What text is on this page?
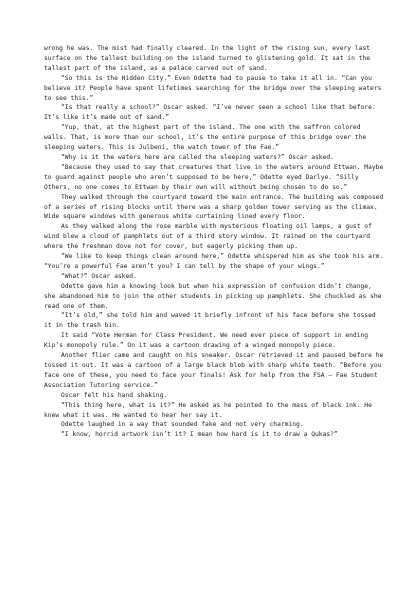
wrong he was. The mist had finally cleared. In the light of the rising sun, every last surface on the tallest building on the island turned to glistening gold. It sat in the tallest part of the island, as a palace carved out of sand.

“So this is the Hidden City.” Even Odette had to pause to take it all in. “Can you believe it? People have spent lifetimes searching for the bridge over the sleeping waters to see this.”

“Is that really a school?” Oscar asked. “I’ve never seen a school like that before. It’s like it’s made out of sand.”

“Yup, that, at the highest part of the island. The one with the saffron colored walls. That, is more than our school, it’s the entire purpose of this bridge over the sleeping waters. This is Julbeni, the watch tower of the Fae.”

“Why is it the waters here are called the sleeping waters?” Oscar asked.

“Because they used to say that creatures that live in the waters around Ettwan. Maybe to guard against people who aren’t supposed to be here,” Odette eyed Darlye. “Silly Others, no one comes to Ettwan by their own will without being chosen to do so.”

They walked through the courtyard toward the main entrance. The building was composed of a series of rising blocks until there was a sharp golden tower serving as the climax. Wide square windows with generous white curtaining lined every floor.

As they walked along the rose marble with mysterious floating oil lamps, a gust of wind blew a cloud of pamphlets out of a third story window. It rained on the courtyard where the freshman dove not for cover, but eagerly picking them up.

“We like to keep things clean around here,” Odette whispered him as she took his arm. “You’re a powerful Fae aren’t you? I can tell by the shape of your wings.”

“What?” Oscar asked.

Odette gave him a knowing look but when his expression of confusion didn’t change, she abandoned him to join the other students in picking up pamphlets. She chuckled as she read one of them.

“It’s old,” she told him and waved it briefly infront of his face before she tossed it in the trash bin.

It said “Vote Herman for Class President. We need ever piece of support in ending Kip’s monopoly rule.” On it was a cartoon drawing of a winged monopoly piece.

Another flier came and caught on his sneaker. Oscar retrieved it and paused before he tossed it out. It was a cartoon of a large black blob with sharp white teeth. “Before you face one of these, you need to face your finals! Ask for help from the FSA – Fae Student Association Tutoring service.”

Oscar felt his hand shaking.

“This thing here, what is it?” He asked as he pointed to the mass of black ink. He knew what it was. He wanted to hear her say it.

Odette laughed in a way that sounded fake and not very charming.

“I know, horrid artwork isn’t it? I mean how hard is it to draw a Qukas?”
